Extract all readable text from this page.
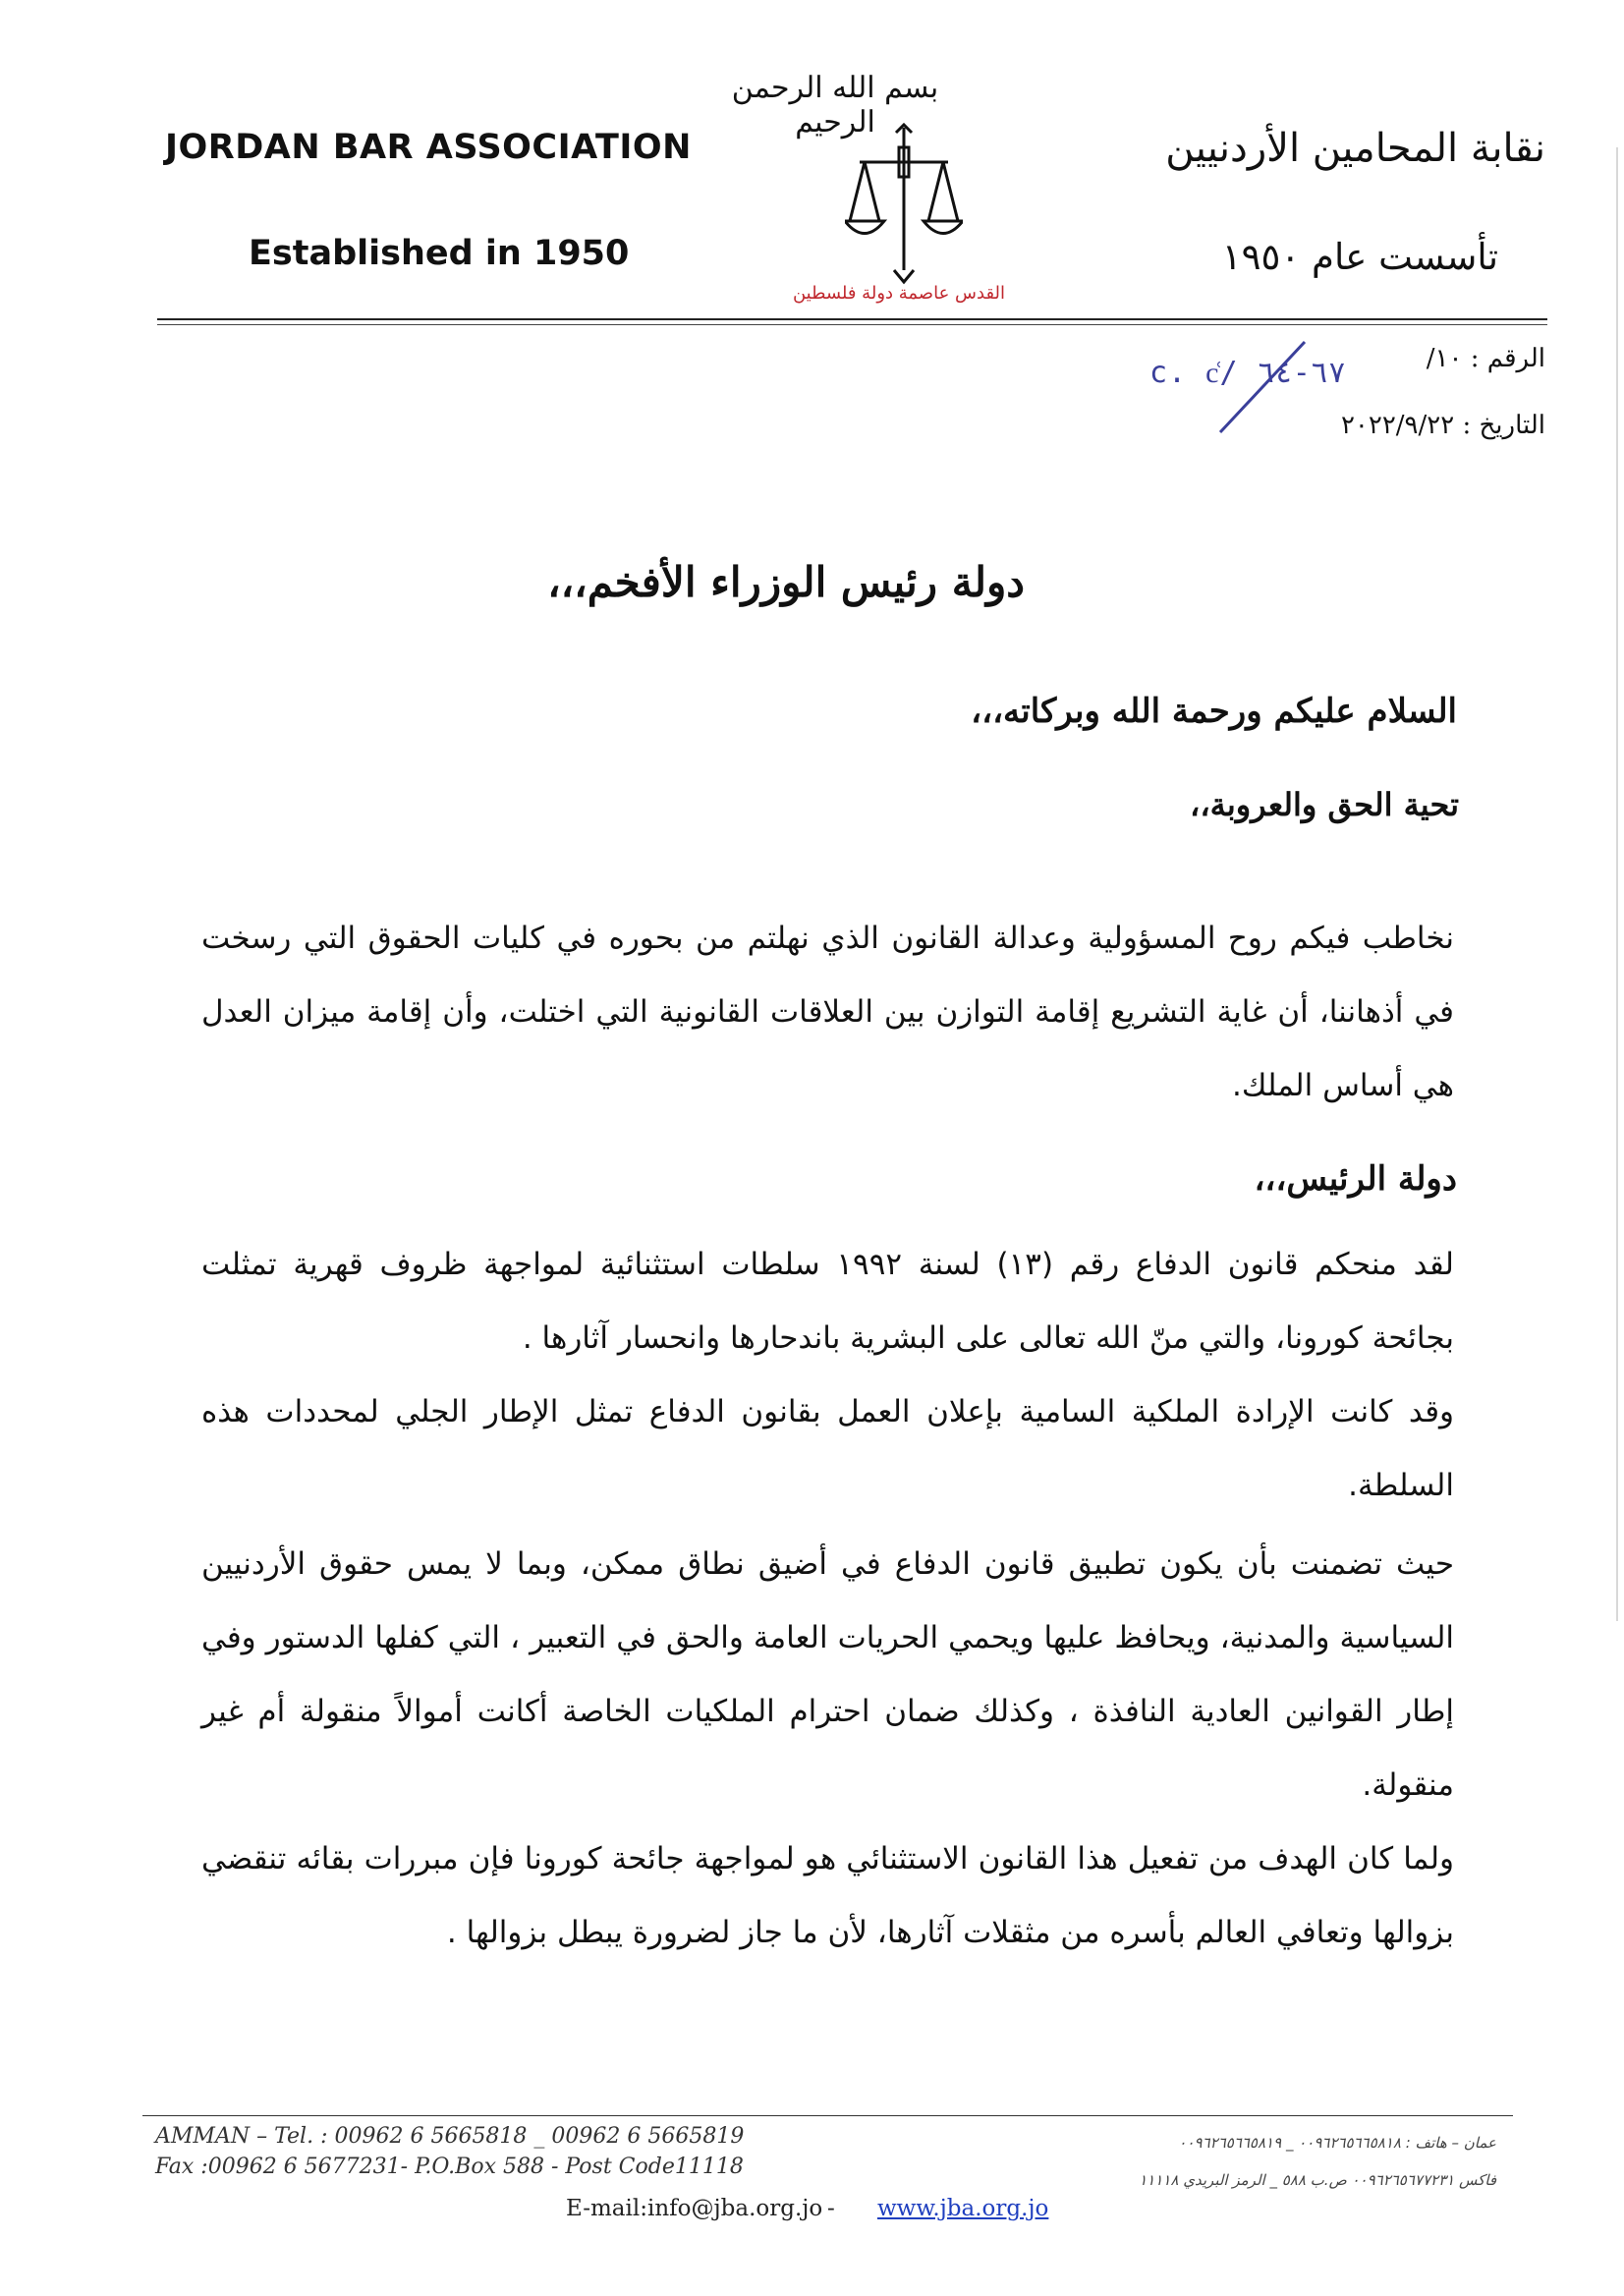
JORDAN BAR ASSOCIATION
Established in 1950
نقابة المحامين الأردنيين
تأسست عام ١٩٥٠
بسم الله الرحمن الرحيم
القدس عاصمة دولة فلسطين
الرقم : ١٠/
c. c͑/ ٦٧-٦٤
التاريخ : ٢٠٢٢/٩/٢٢
دولة رئيس الوزراء الأفخم،،،
السلام عليكم ورحمة الله وبركاته،،،
تحية الحق والعروبة،،
نخاطب فيكم روح المسؤولية وعدالة القانون الذي نهلتم من بحوره في كليات الحقوق التي رسخت في أذهاننا، أن غاية التشريع إقامة التوازن بين العلاقات القانونية التي اختلت، وأن إقامة ميزان العدل هي أساس الملك.
دولة الرئيس،،،
لقد منحكم قانون الدفاع رقم (١٣) لسنة ١٩٩٢ سلطات استثنائية لمواجهة ظروف قهرية تمثلت بجائحة كورونا، والتي منّ الله تعالى على البشرية باندحارها وانحسار آثارها .
وقد كانت الإرادة الملكية السامية بإعلان العمل بقانون الدفاع تمثل الإطار الجلي لمحددات هذه السلطة.
حيث تضمنت بأن يكون تطبيق قانون الدفاع في أضيق نطاق ممكن، وبما لا يمس حقوق الأردنيين السياسية والمدنية، ويحافظ عليها ويحمي الحريات العامة والحق في التعبير ، التي كفلها الدستور وفي إطار القوانين العادية النافذة ، وكذلك ضمان احترام الملكيات الخاصة أكانت أموالاً منقولة أم غير منقولة.
ولما كان الهدف من تفعيل هذا القانون الاستثنائي هو لمواجهة جائحة كورونا فإن مبررات بقائه تنقضي بزوالها وتعافي العالم بأسره من مثقلات آثارها، لأن ما جاز لضرورة يبطل بزوالها .
AMMAN – Tel. : 00962 6 5665818 _ 00962 6 5665819
Fax :00962 6 5677231- P.O.Box 588 - Post Code11118
عمان – هاتف : ٠٠٩٦٢٦٥٦٦٥٨١٨ _ ٠٠٩٦٢٦٥٦٦٥٨١٩
فاكس ٠٠٩٦٢٦٥٦٧٧٢٣١ ص.ب ٥٨٨ _ الرمز البريدي ١١١١٨
E-mail:info@jba.org.jo - www.jba.org.jo
